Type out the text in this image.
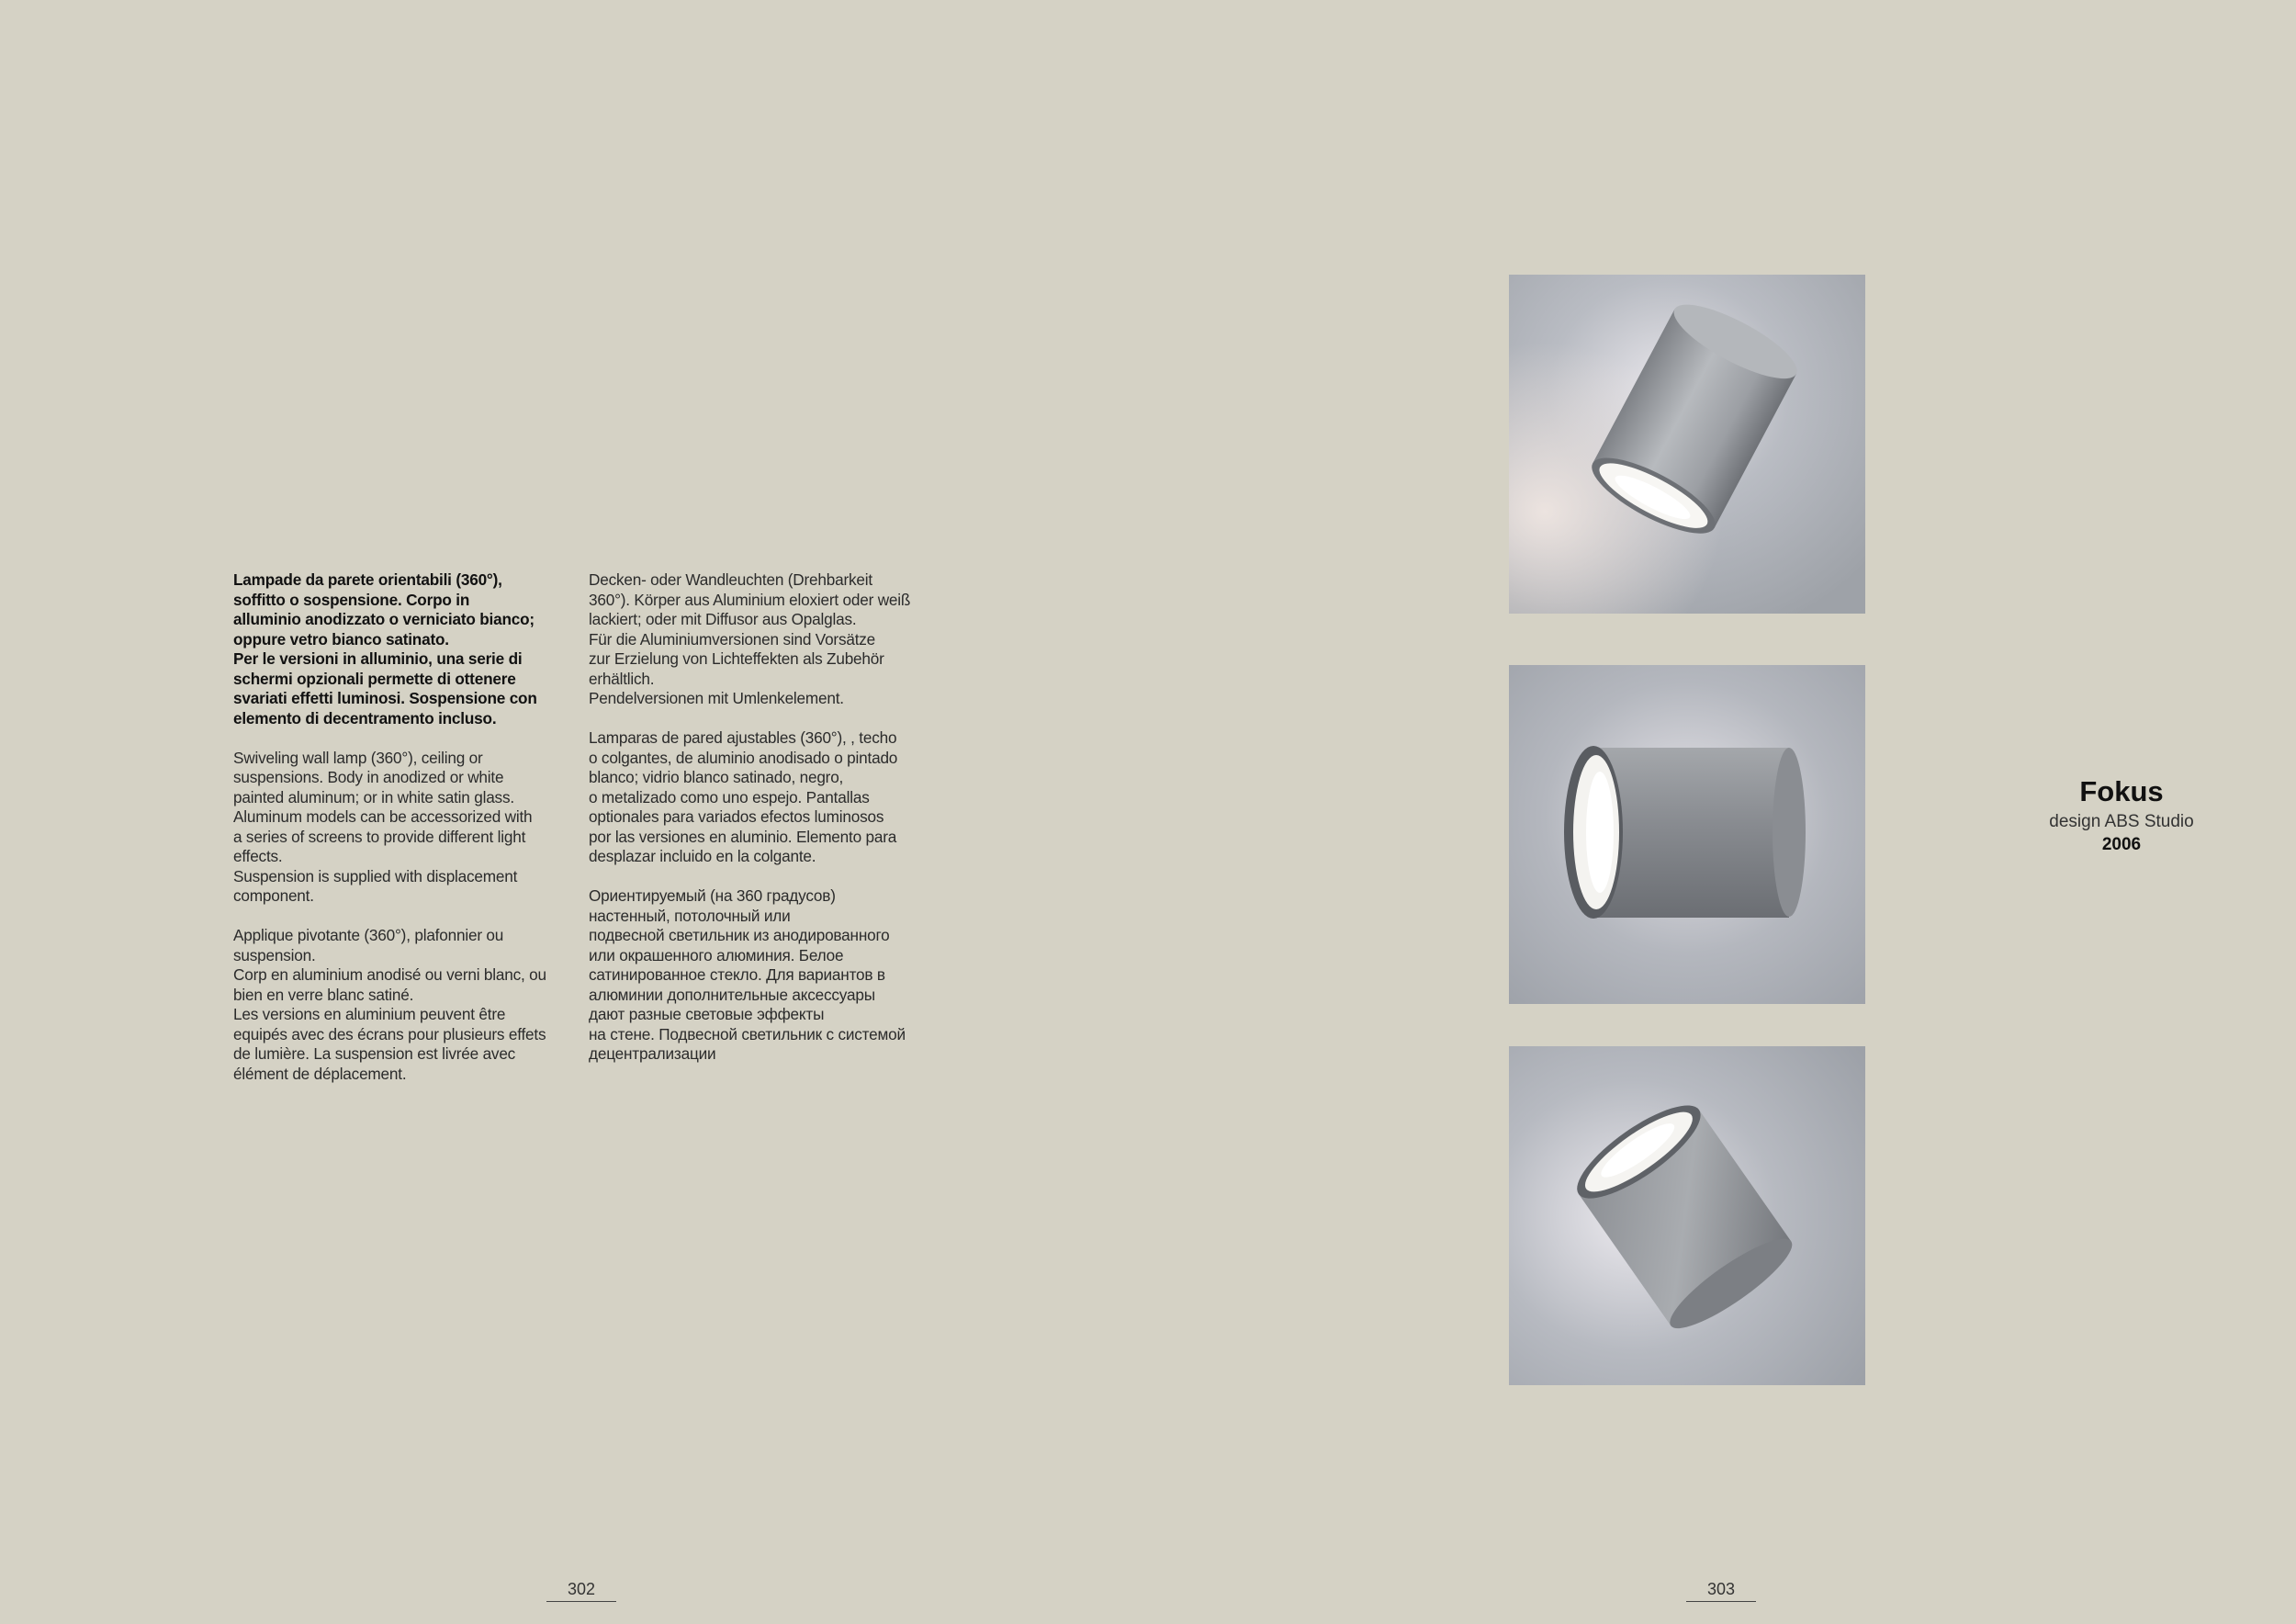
Lampade da parete orientabili (360°),
soffitto o sospensione. Corpo in
alluminio anodizzato o verniciato bianco;
oppure vetro bianco satinato.
Per le versioni in alluminio, una serie di
schermi opzionali permette di ottenere
svariati effetti luminosi. Sospensione con
elemento di decentramento incluso.

Swiveling wall lamp (360°), ceiling or
suspensions. Body in anodized or white
painted aluminum; or in white satin glass.
Aluminum models can be accessorized with
a series of screens to provide different light
effects.
Suspension is supplied with displacement
component.

Applique pivotante (360°), plafonnier ou
suspension.
Corp en aluminium anodisé ou verni blanc, ou
bien en verre blanc satiné.
Les versions en aluminium peuvent être
equipés avec des écrans pour plusieurs effets
de lumière. La suspension est livrée avec
élément de déplacement.

Decken- oder Wandleuchten (Drehbarkeit
360°). Körper aus Aluminium eloxiert oder weiß
lackiert; oder mit Diffusor aus Opalglas.
Für die Aluminiumversionen sind Vorsätze
zur Erzielung von Lichteffekten als Zubehör
erhältlich.
Pendelversionen mit Umlenkelement.

Lamparas de pared ajustables (360°), , techo
o colgantes, de aluminio anodisado o pintado
blanco; vidrio blanco satinado, negro,
o metalizado como uno espejo. Pantallas
optionales para variados efectos luminosos
por las versiones en aluminio. Elemento para
desplazar incluido en la colgante.

Ориентируемый (на 360 градусов)
настенный, потолочный или
подвесной светильник из анодированного
или окрашенного алюминия. Белое
сатинированное стекло. Для вариантов в
алюминии дополнительные аксессуары
дают разные световые эффекты
на стене. Подвесной светильник с системой
децентрализации

Fokus
design ABS Studio
2006
302	303
